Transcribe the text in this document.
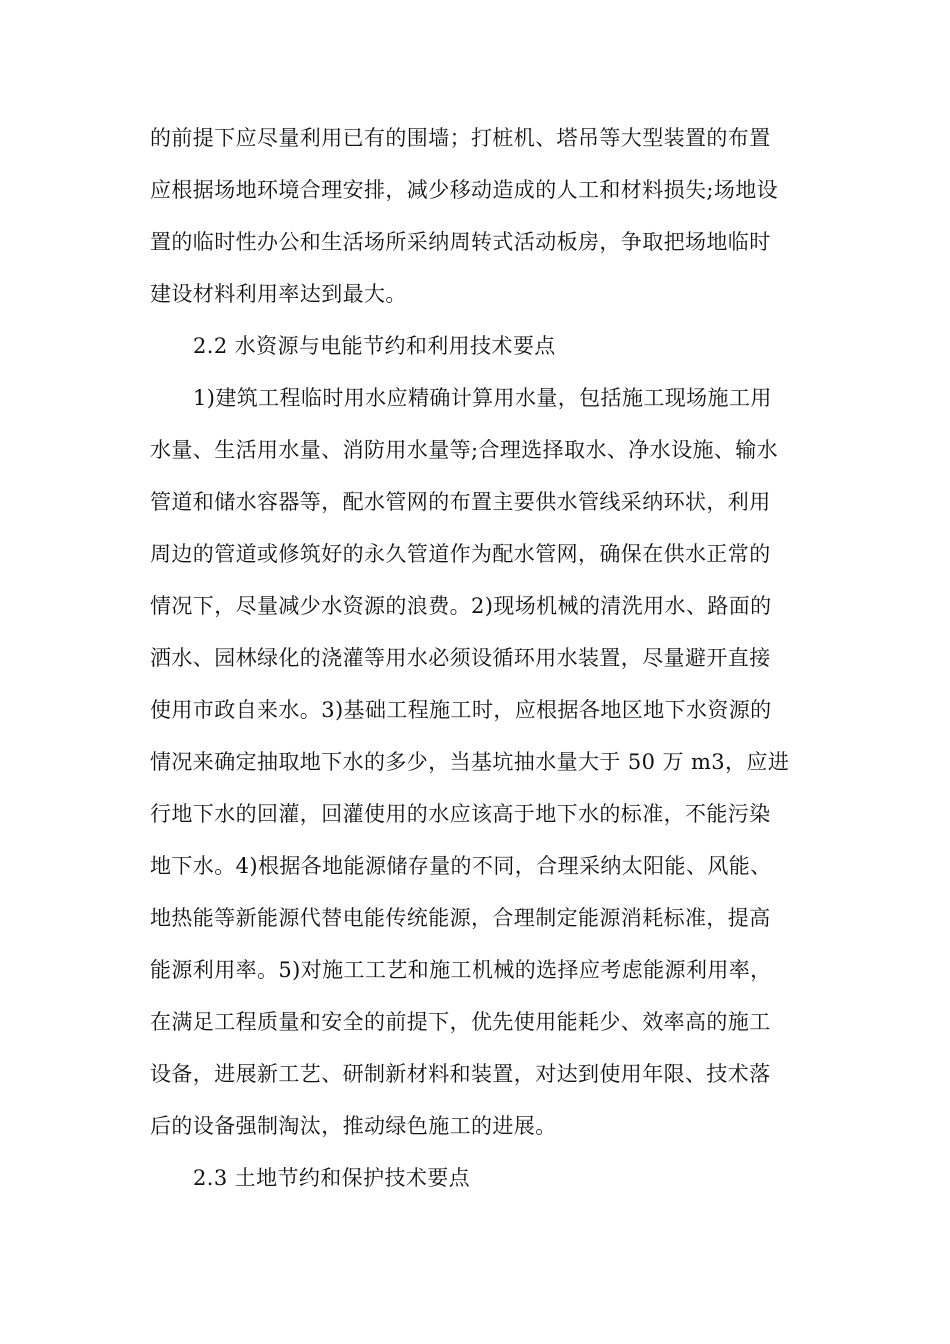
的前提下应尽量利用已有的围墙；打桩机、塔吊等大型装置的布置
应根据场地环境合理安排，减少移动造成的人工和材料损失;场地设
置的临时性办公和生活场所采纳周转式活动板房，争取把场地临时
建设材料利用率达到最大。
2.2 水资源与电能节约和利用技术要点
1)建筑工程临时用水应精确计算用水量，包括施工现场施工用
水量、生活用水量、消防用水量等;合理选择取水、净水设施、输水
管道和储水容器等，配水管网的布置主要供水管线采纳环状，利用
周边的管道或修筑好的永久管道作为配水管网，确保在供水正常的
情况下，尽量减少水资源的浪费。2)现场机械的清洗用水、路面的
洒水、园林绿化的浇灌等用水必须设循环用水装置，尽量避开直接
使用市政自来水。3)基础工程施工时，应根据各地区地下水资源的
情况来确定抽取地下水的多少，当基坑抽水量大于 50 万 m3，应进
行地下水的回灌，回灌使用的水应该高于地下水的标准，不能污染
地下水。4)根据各地能源储存量的不同，合理采纳太阳能、风能、
地热能等新能源代替电能传统能源，合理制定能源消耗标准，提高
能源利用率。5)对施工工艺和施工机械的选择应考虑能源利用率，
在满足工程质量和安全的前提下，优先使用能耗少、效率高的施工
设备，进展新工艺、研制新材料和装置，对达到使用年限、技术落
后的设备强制淘汰，推动绿色施工的进展。
2.3 土地节约和保护技术要点
